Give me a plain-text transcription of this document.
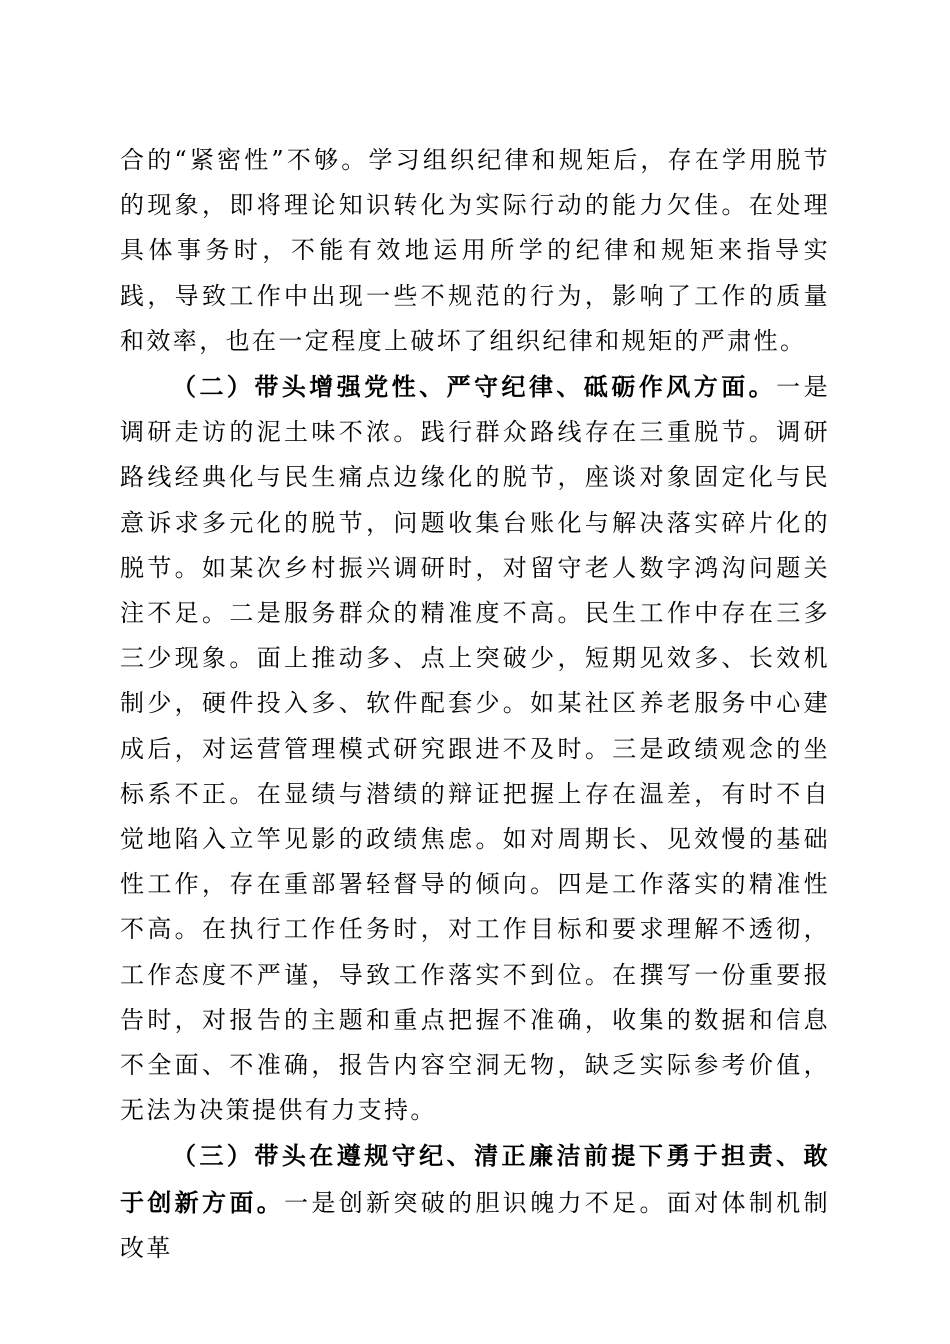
合的“紧密性”不够。学习组织纪律和规矩后，存在学用脱节的现象，即将理论知识转化为实际行动的能力欠佳。在处理具体事务时，不能有效地运用所学的纪律和规矩来指导实践，导致工作中出现一些不规范的行为，影响了工作的质量和效率，也在一定程度上破坏了组织纪律和规矩的严肃性。

（二）带头增强党性、严守纪律、砥砺作风方面。一是调研走访的泥土味不浓。践行群众路线存在三重脱节。调研路线经典化与民生痛点边缘化的脱节，座谈对象固定化与民意诉求多元化的脱节，问题收集台账化与解决落实碎片化的脱节。如某次乡村振兴调研时，对留守老人数字鸿沟问题关注不足。二是服务群众的精准度不高。民生工作中存在三多三少现象。面上推动多、点上突破少，短期见效多、长效机制少，硬件投入多、软件配套少。如某社区养老服务中心建成后，对运营管理模式研究跟进不及时。三是政绩观念的坐标系不正。在显绩与潜绩的辩证把握上存在温差，有时不自觉地陷入立竿见影的政绩焦虑。如对周期长、见效慢的基础性工作，存在重部署轻督导的倾向。四是工作落实的精准性不高。在执行工作任务时，对工作目标和要求理解不透彻，工作态度不严谨，导致工作落实不到位。在撰写一份重要报告时，对报告的主题和重点把握不准确，收集的数据和信息不全面、不准确，报告内容空洞无物，缺乏实际参考价值，无法为决策提供有力支持。

（三）带头在遵规守纪、清正廉洁前提下勇于担责、敢于创新方面。一是创新突破的胆识魄力不足。面对体制机制改革
